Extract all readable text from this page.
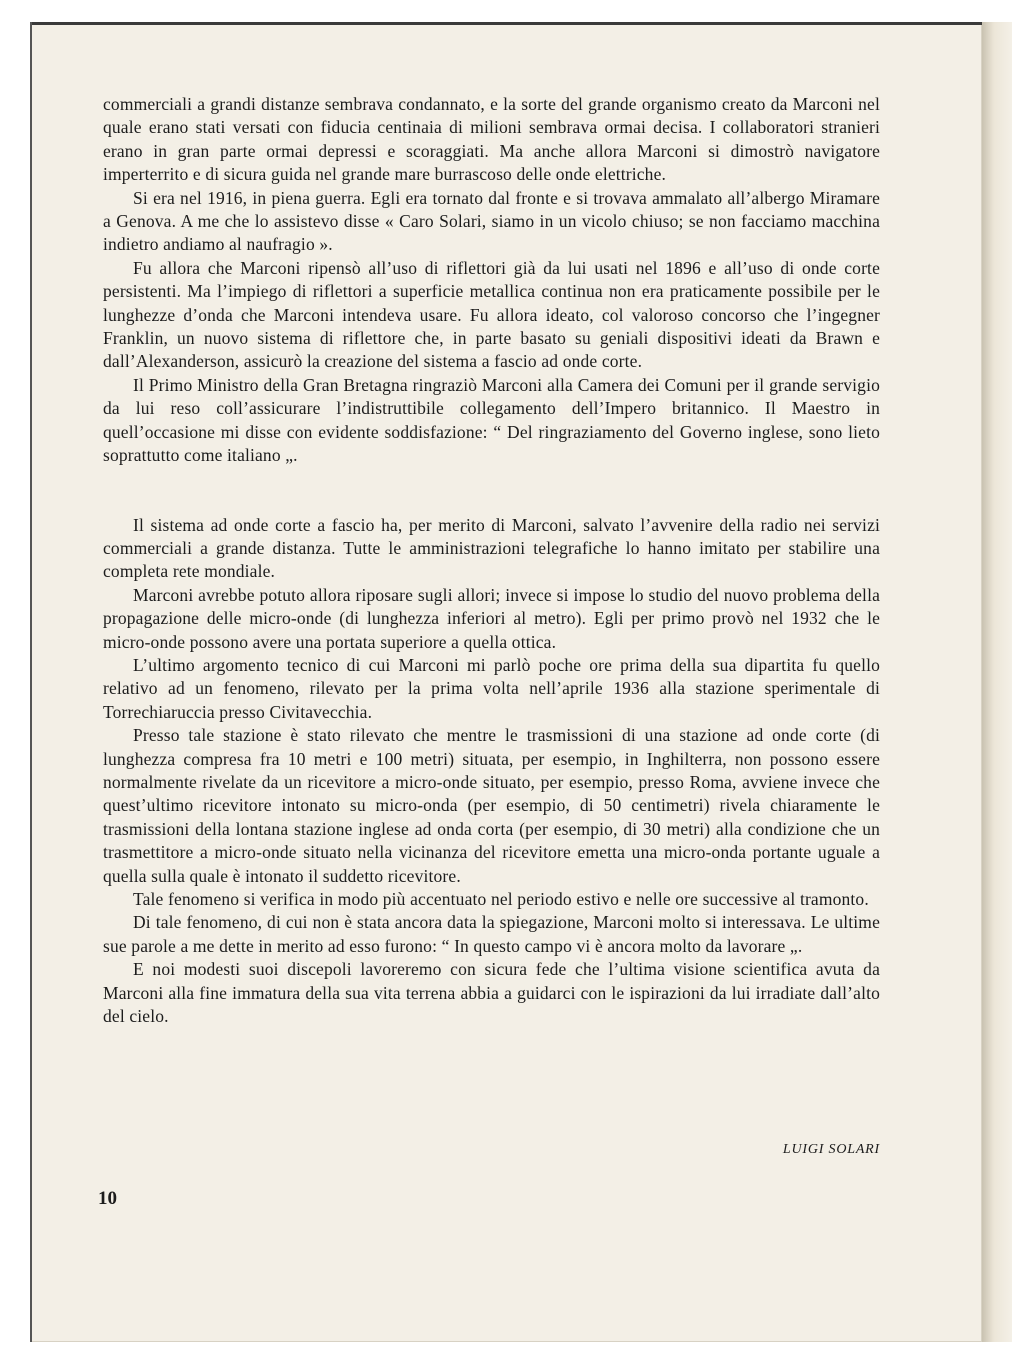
commerciali a grandi distanze sembrava condannato, e la sorte del grande organismo creato da Marconi nel quale erano stati versati con fiducia centinaia di milioni sembrava ormai decisa. I collaboratori stranieri erano in gran parte ormai depressi e scoraggiati. Ma anche allora Marconi si dimostrò navigatore imperterrito e di sicura guida nel grande mare burrascoso delle onde elettriche.

Si era nel 1916, in piena guerra. Egli era tornato dal fronte e si trovava ammalato all’albergo Miramare a Genova. A me che lo assistevo disse « Caro Solari, siamo in un vicolo chiuso; se non facciamo macchina indietro andiamo al naufragio ».

Fu allora che Marconi ripensò all’uso di riflettori già da lui usati nel 1896 e all’uso di onde corte persistenti. Ma l’impiego di riflettori a superficie metallica continua non era praticamente possibile per le lunghezze d’onda che Marconi intendeva usare. Fu allora ideato, col valoroso concorso che l’ingegner Franklin, un nuovo sistema di riflettore che, in parte basato su geniali dispositivi ideati da Brawn e dall’Alexanderson, assicurò la creazione del sistema a fascio ad onde corte.

Il Primo Ministro della Gran Bretagna ringraziò Marconi alla Camera dei Comuni per il grande servigio da lui reso coll’assicurare l’indistruttibile collegamento dell’Impero britannico. Il Maestro in quell’occasione mi disse con evidente soddisfazione: “ Del ringraziamento del Governo inglese, sono lieto soprattutto come italiano „.

Il sistema ad onde corte a fascio ha, per merito di Marconi, salvato l’avvenire della radio nei servizi commerciali a grande distanza. Tutte le amministrazioni telegrafiche lo hanno imitato per stabilire una completa rete mondiale.

Marconi avrebbe potuto allora riposare sugli allori; invece si impose lo studio del nuovo problema della propagazione delle micro-onde (di lunghezza inferiori al metro). Egli per primo provò nel 1932 che le micro-onde possono avere una portata superiore a quella ottica.

L’ultimo argomento tecnico di cui Marconi mi parlò poche ore prima della sua dipartita fu quello relativo ad un fenomeno, rilevato per la prima volta nell’aprile 1936 alla stazione sperimentale di Torrechiaruccia presso Civitavecchia.

Presso tale stazione è stato rilevato che mentre le trasmissioni di una stazione ad onde corte (di lunghezza compresa fra 10 metri e 100 metri) situata, per esempio, in Inghilterra, non possono essere normalmente rivelate da un ricevitore a micro-onde situato, per esempio, presso Roma, avviene invece che quest’ultimo ricevitore intonato su micro-onda (per esempio, di 50 centimetri) rivela chiaramente le trasmissioni della lontana stazione inglese ad onda corta (per esempio, di 30 metri) alla condizione che un trasmettitore a micro-onde situato nella vicinanza del ricevitore emetta una micro-onda portante uguale a quella sulla quale è intonato il suddetto ricevitore.

Tale fenomeno si verifica in modo più accentuato nel periodo estivo e nelle ore successive al tramonto.

Di tale fenomeno, di cui non è stata ancora data la spiegazione, Marconi molto si interessava. Le ultime sue parole a me dette in merito ad esso furono: “ In questo campo vi è ancora molto da lavorare „.

E noi modesti suoi discepoli lavoreremo con sicura fede che l’ultima visione scientifica avuta da Marconi alla fine immatura della sua vita terrena abbia a guidarci con le ispirazioni da lui irradiate dall’alto del cielo.

LUIGI SOLARI
10
